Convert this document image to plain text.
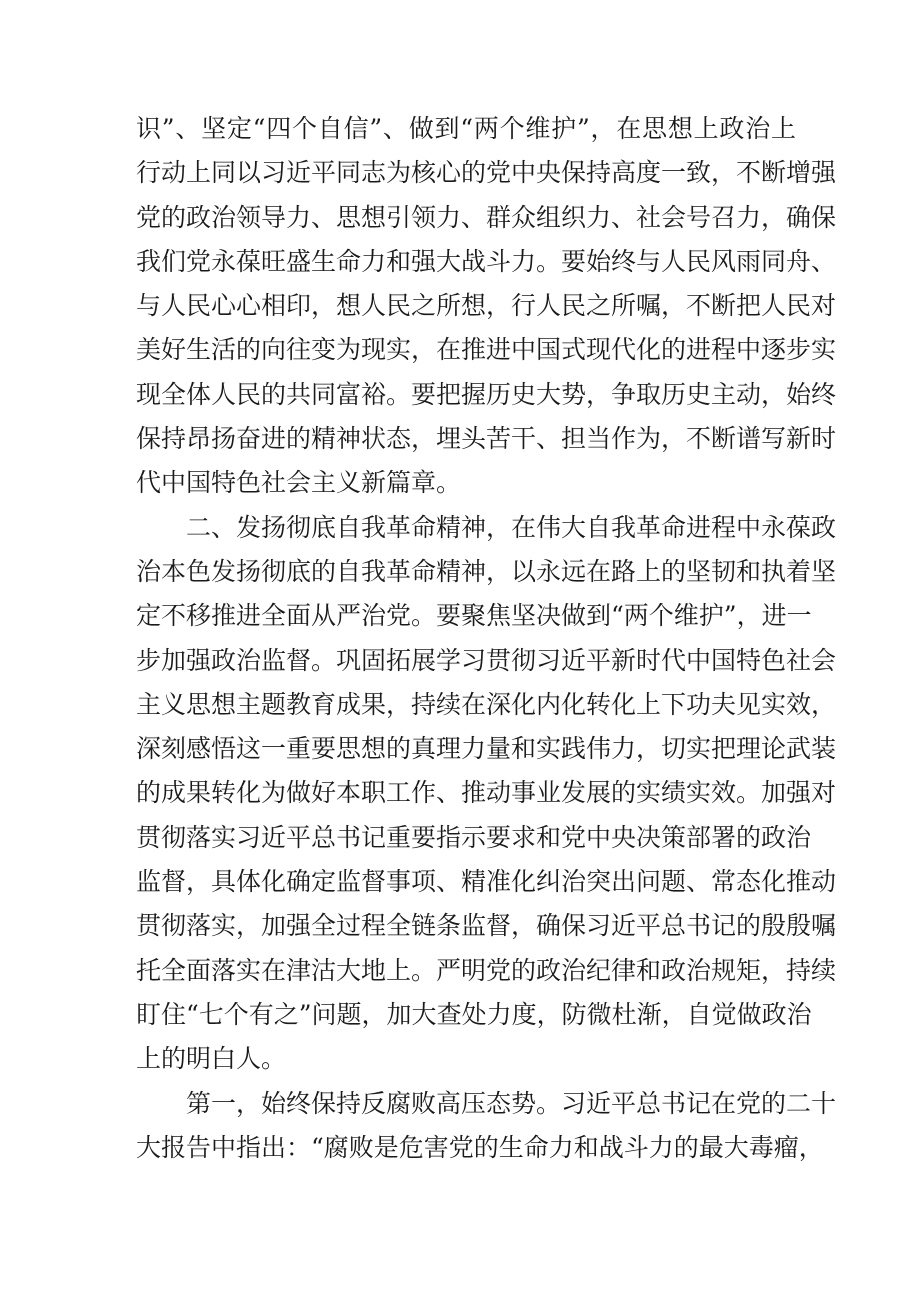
识”、坚定“四个自信”、做到“两个维护”，在思想上政治上
行动上同以习近平同志为核心的党中央保持高度一致，不断增强
党的政治领导力、思想引领力、群众组织力、社会号召力，确保
我们党永葆旺盛生命力和强大战斗力。要始终与人民风雨同舟、
与人民心心相印，想人民之所想，行人民之所嘱，不断把人民对
美好生活的向往变为现实，在推进中国式现代化的进程中逐步实
现全体人民的共同富裕。要把握历史大势，争取历史主动，始终
保持昂扬奋进的精神状态，埋头苦干、担当作为，不断谱写新时
代中国特色社会主义新篇章。
二、发扬彻底自我革命精神，在伟大自我革命进程中永葆政
治本色发扬彻底的自我革命精神，以永远在路上的坚韧和执着坚
定不移推进全面从严治党。要聚焦坚决做到“两个维护”，进一
步加强政治监督。巩固拓展学习贯彻习近平新时代中国特色社会
主义思想主题教育成果，持续在深化内化转化上下功夫见实效，
深刻感悟这一重要思想的真理力量和实践伟力，切实把理论武装
的成果转化为做好本职工作、推动事业发展的实绩实效。加强对
贯彻落实习近平总书记重要指示要求和党中央决策部署的政治
监督，具体化确定监督事项、精准化纠治突出问题、常态化推动
贯彻落实，加强全过程全链条监督，确保习近平总书记的殷殷嘱
托全面落实在津沽大地上。严明党的政治纪律和政治规矩，持续
盯住“七个有之”问题，加大查处力度，防微杜渐，自觉做政治
上的明白人。
第一，始终保持反腐败高压态势。习近平总书记在党的二十
大报告中指出：“腐败是危害党的生命力和战斗力的最大毒瘤，
